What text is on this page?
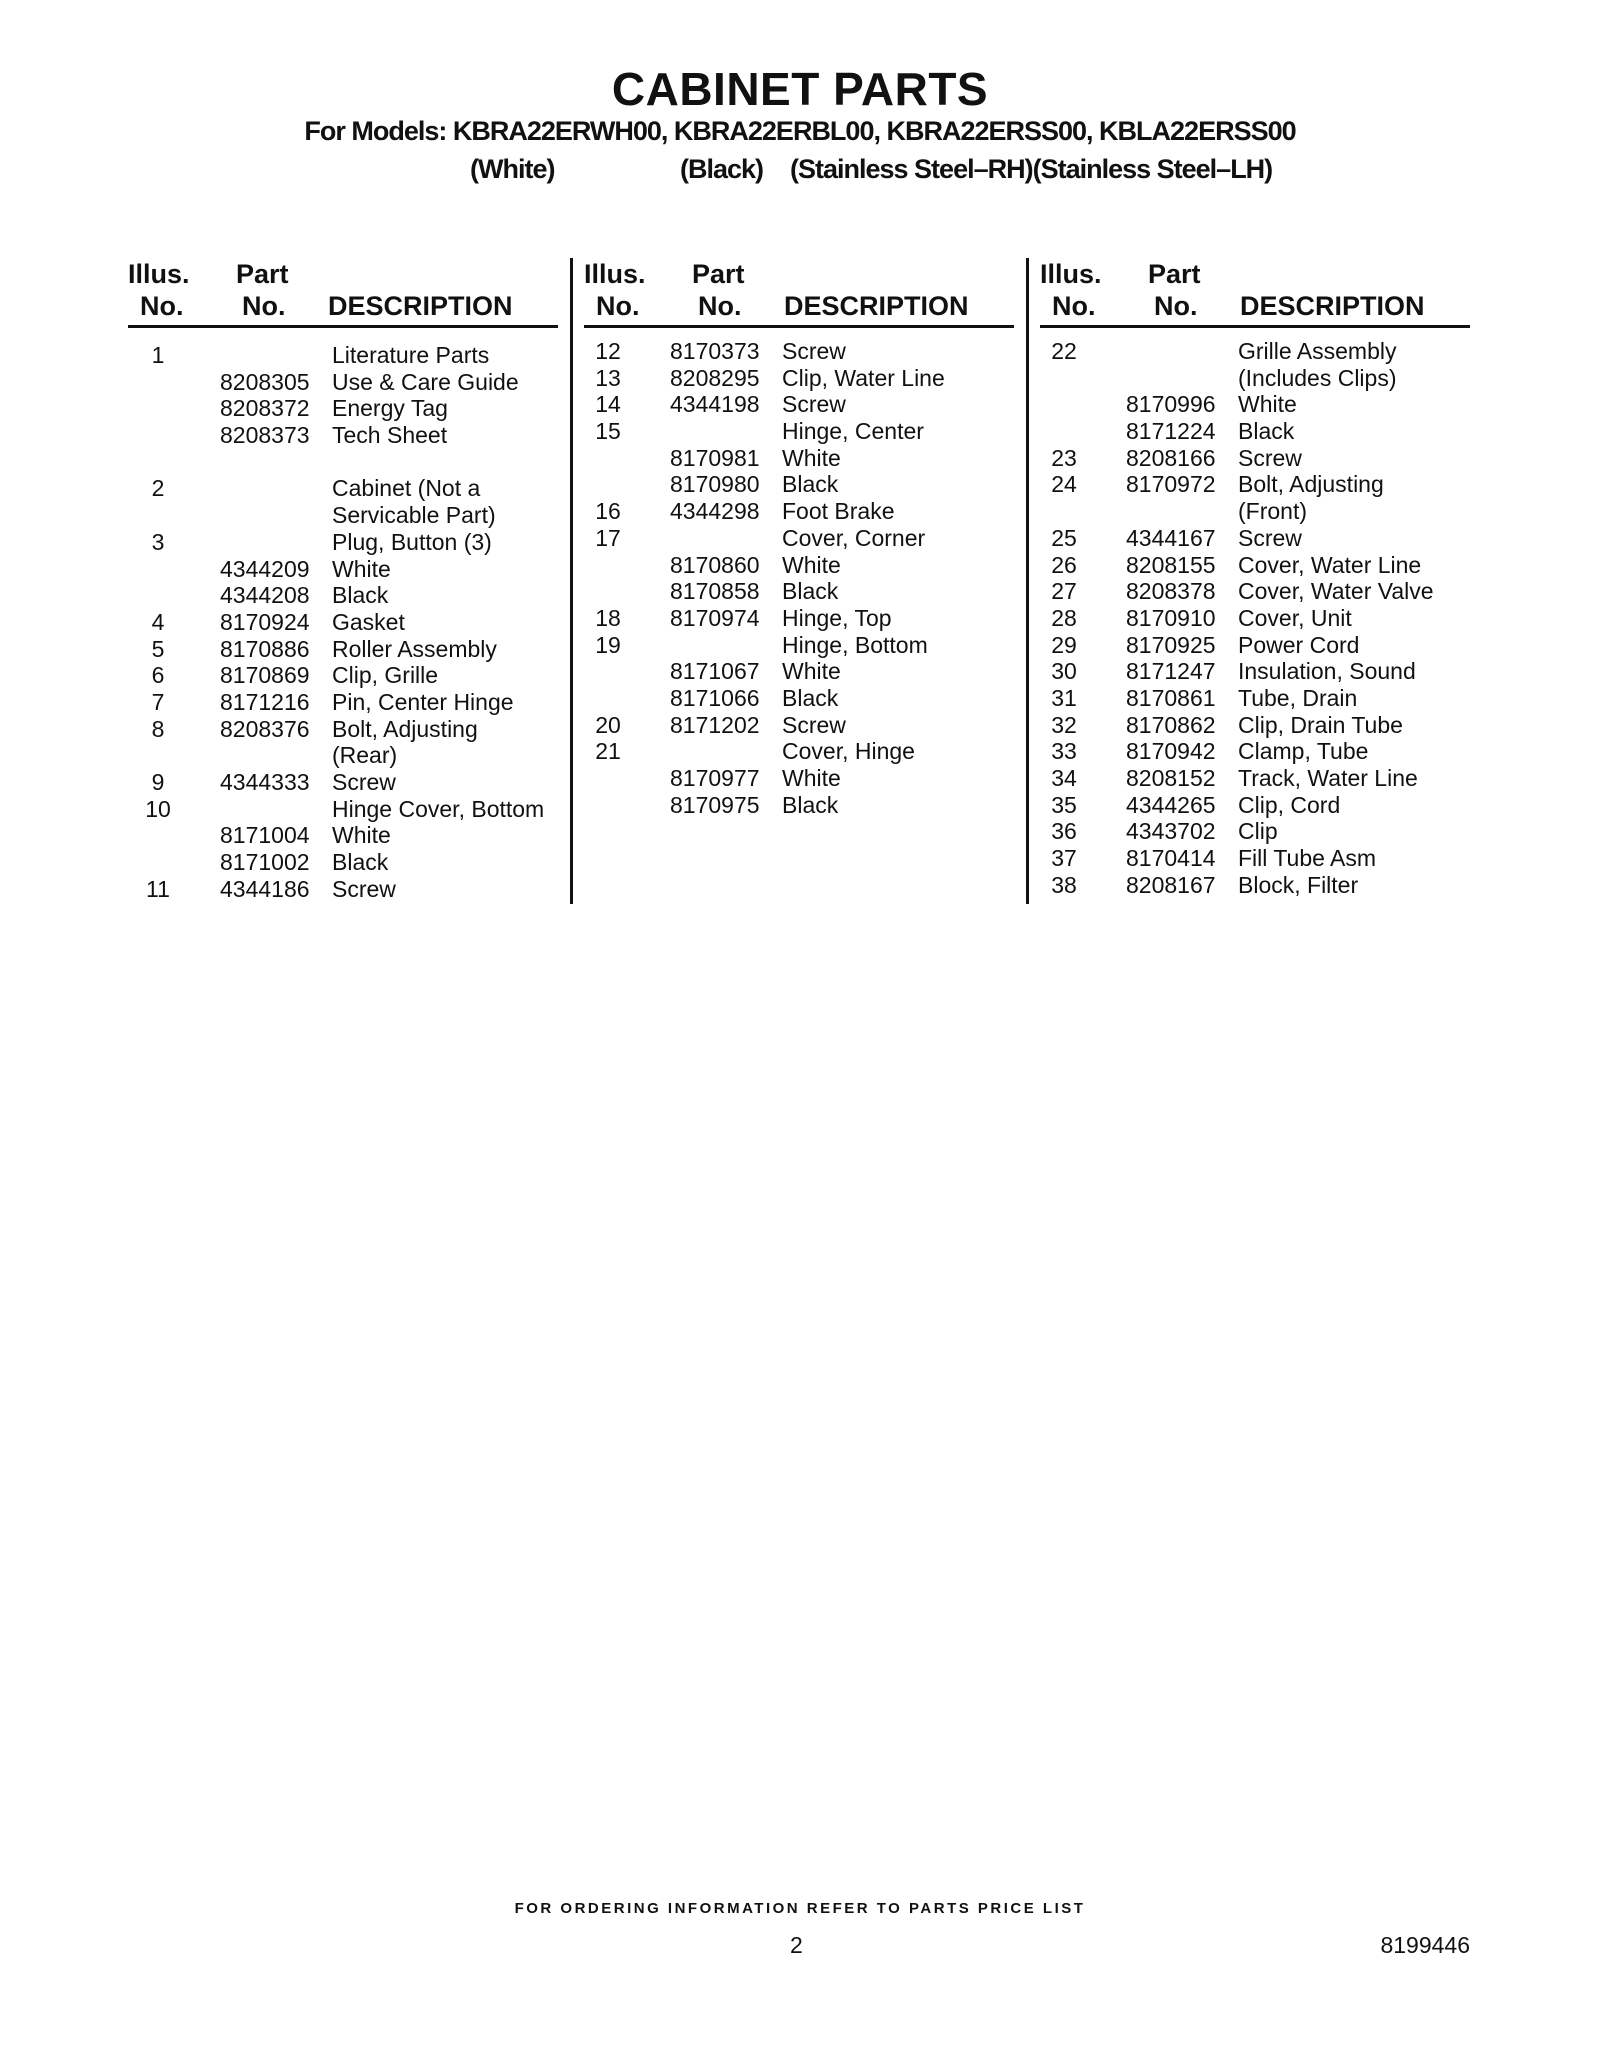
CABINET PARTS
For Models: KBRA22ERWH00, KBRA22ERBL00, KBRA22ERSS00, KBLA22ERSS00
(White)	(Black) (Stainless Steel–RH)(Stainless Steel–LH)
Illus.
No.
Part
No. DESCRIPTION
1	Literature Parts
8208305 Use & Care Guide
8208372 Energy Tag
8208373 Tech Sheet
2	Cabinet (Not a
Servicable Part)
3	Plug, Button (3)
4344209 White
4344208 Black
4	8170924 Gasket
5	8170886 Roller Assembly
6	8170869 Clip, Grille
7	8171216 Pin, Center Hinge
8	8208376 Bolt, Adjusting
(Rear)
9	4344333 Screw
10	Hinge Cover, Bottom
8171004 White
8171002 Black
11	4344186 Screw
Illus.
No.
Part
No. DESCRIPTION
12	8170373 Screw
13	8208295 Clip, Water Line
14	4344198 Screw
15	Hinge, Center
8170981 White
8170980 Black
16	4344298 Foot Brake
17	Cover, Corner
8170860 White
8170858 Black
18	8170974 Hinge, Top
19	Hinge, Bottom
8171067 White
8171066 Black
20	8171202 Screw
21	Cover, Hinge
8170977 White
8170975 Black
Illus.
No.
Part
No. DESCRIPTION
22	Grille Assembly
(Includes Clips)
8170996 White
8171224 Black
23	8208166 Screw
24	8170972 Bolt, Adjusting
(Front)
25	4344167 Screw
26	8208155 Cover, Water Line
27	8208378 Cover, Water Valve
28	8170910 Cover, Unit
29	8170925 Power Cord
30	8171247 Insulation, Sound
31	8170861 Tube, Drain
32	8170862 Clip, Drain Tube
33	8170942 Clamp, Tube
34	8208152 Track, Water Line
35	4344265 Clip, Cord
36	4343702 Clip
37	8170414 Fill Tube Asm
38	8208167 Block, Filter
FOR ORDERING INFORMATION REFER TO PARTS PRICE LIST
2	8199446
